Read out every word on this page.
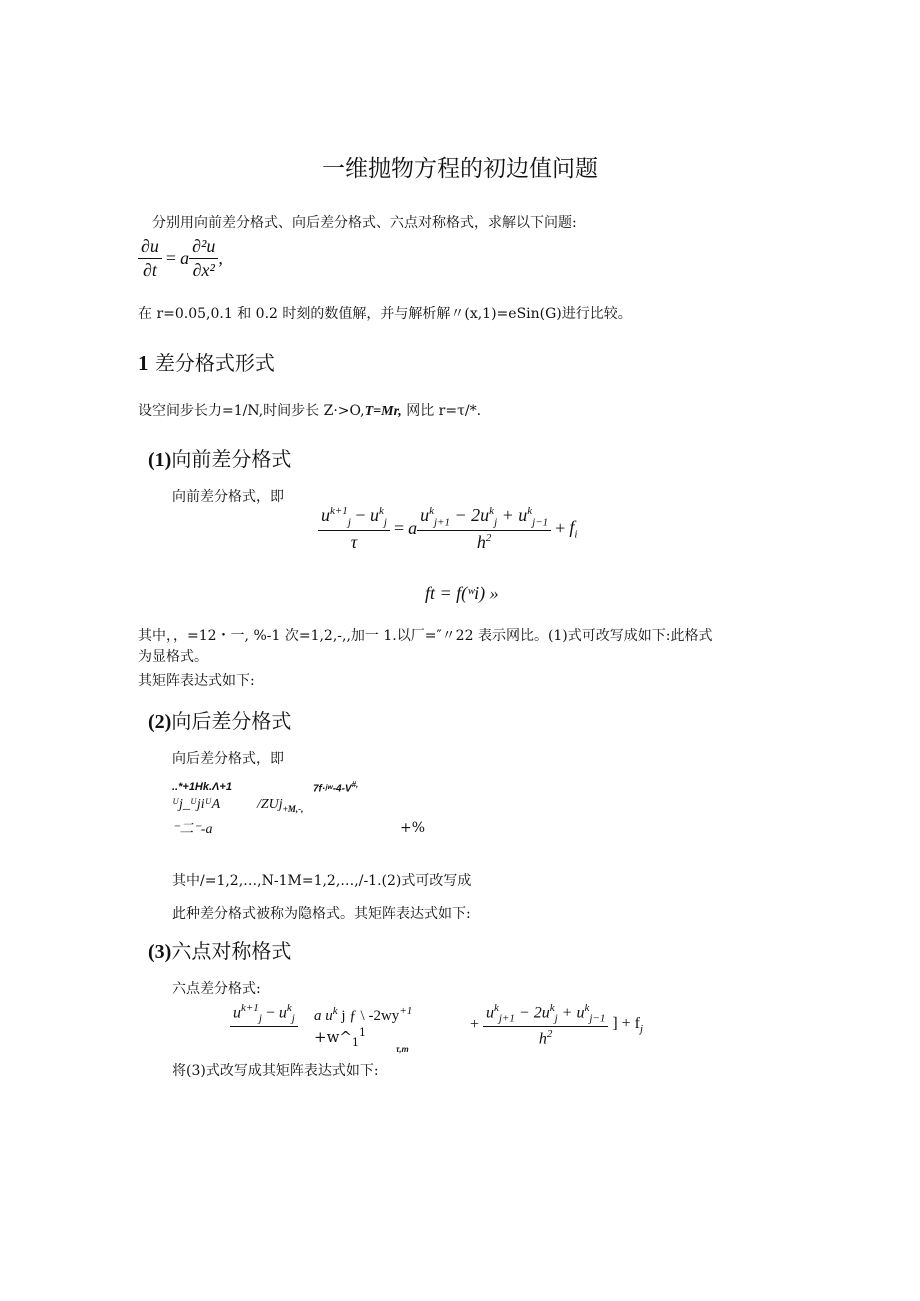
一维抛物方程的初边值问题
分别用向前差分格式、向后差分格式、六点对称格式，求解以下问题:
$\frac{\partial u}{\partial t} = a \frac{\text{∂²u}}{\text{∂x²}}$ ,
在 r=0.05,0.1 和 0.2 时刻的数值解，并与解析解〃(x,1)=eSin(G)进行比较。
1 差分格式形式
设空间步长力=1/N,时间步长 Z·>O,T=Mr, 网比 r=τ/*.
(1)向前差分格式
向前差分格式，即
$\frac{u^{k+1}_j - u^k_j}{\tau} = a \frac{u^k_{j+1} - 2u^k_j + u^k_{j-1}}{h^2} + f_i$
ft = f(ʷi) »
其中，，=12・一, %-1 次=1,2,-,,加一 1.以厂=″〃22 表示网比。(1)式可改写成如下:此格式
为显格式。
其矩阵表达式如下:
(2)向后差分格式
向后差分格式，即
..*+1Hk.Λ+1	7f·ʲʷ-4-V#,
ᵁj_ᵁjiᵁA	/ZUj$_{+M,-,}$
⁻二⁻-a	+%
其中/=1,2,…,N-1M=1,2,…,/-1.(2)式可改写成
此种差分格式被称为隐格式。其矩阵表达式如下:
(3)六点对称格式
六点差分格式:
$u^{k+1}_j - u^k_j$ a $u^k$ j ƒ \ $-2wy^{+1}$
$+w\^{}_1^1$
τ,m
+ $\frac{u^k_{j+1} - 2u^k_j + u^k_{j-1}}{h^2}$ ] + $f_j$
将(3)式改写成其矩阵表达式如下:
